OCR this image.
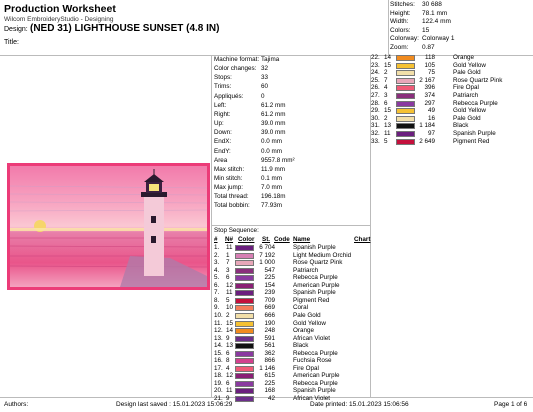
Production Worksheet
Wilcom EmbroideryStudio - Designing
Design: (NED 31) LIGHTHOUSE SUNSET (4.8 IN)
Title:
Stitches: 30 688
Height: 78.1 mm
Width: 122.4 mm
Colors: 15
Colorway: Colorway 1
Zoom: 0.87
Machine format: Tajima
Color changes: 32
Stops:	33
Trims:	60
Appliqués:	0
Left:	61.2 mm
Right:	61.2 mm
Up:	39.0 mm
Down:	39.0 mm
EndX:	0.0 mm
EndY:	0.0 mm
Area	9557.8 mm²
Max stitch:	11.9 mm
Min stitch:	0.1 mm
Max jump:	7.0 mm
Total thread: 196.18m
Total bobbin: 77.93m
Stop Sequence:
# N# Color St. Code Name	Chart
1. 11	6 704	Spanish Purple
2. 1	7 192	Light Medium Orchid
3. 7	1 000	Rose Quartz Pink
4. 3	547	Patriarch
5. 6	225	Rebecca Purple
6. 12	154	American Purple
7. 11	239	Spanish Purple
8. 5	709	Pigment Red
9. 10	669	Coral
10. 2	666	Pale Gold
11. 15	190	Gold Yellow
12. 14	248	Orange
13. 9	591	African Violet
14. 13	561	Black
15. 6	362	Rebecca Purple
16. 8	866	Fuchsia Rose
17. 4	1 146	Fire Opal
18. 12	615	American Purple
19. 6	225	Rebecca Purple
20. 11	168	Spanish Purple
21. 9	42	African Violet
22. 14	118	Orange
23. 15	105	Gold Yellow
24. 2	75	Pale Gold
25. 7	2 167	Rose Quartz Pink
26. 4	396	Fire Opal
27. 3	374	Patriarch
28. 6	297	Rebecca Purple
29. 15	49	Gold Yellow
30. 2	16	Pale Gold
31. 13	1 184	Black
32. 11	97	Spanish Purple
33. 5	2 649	Pigment Red
Authors:	Design last saved : 15.01.2023 15:06:29	Date printed: 15.01.2023 15:06:56	Page 1 of 6
